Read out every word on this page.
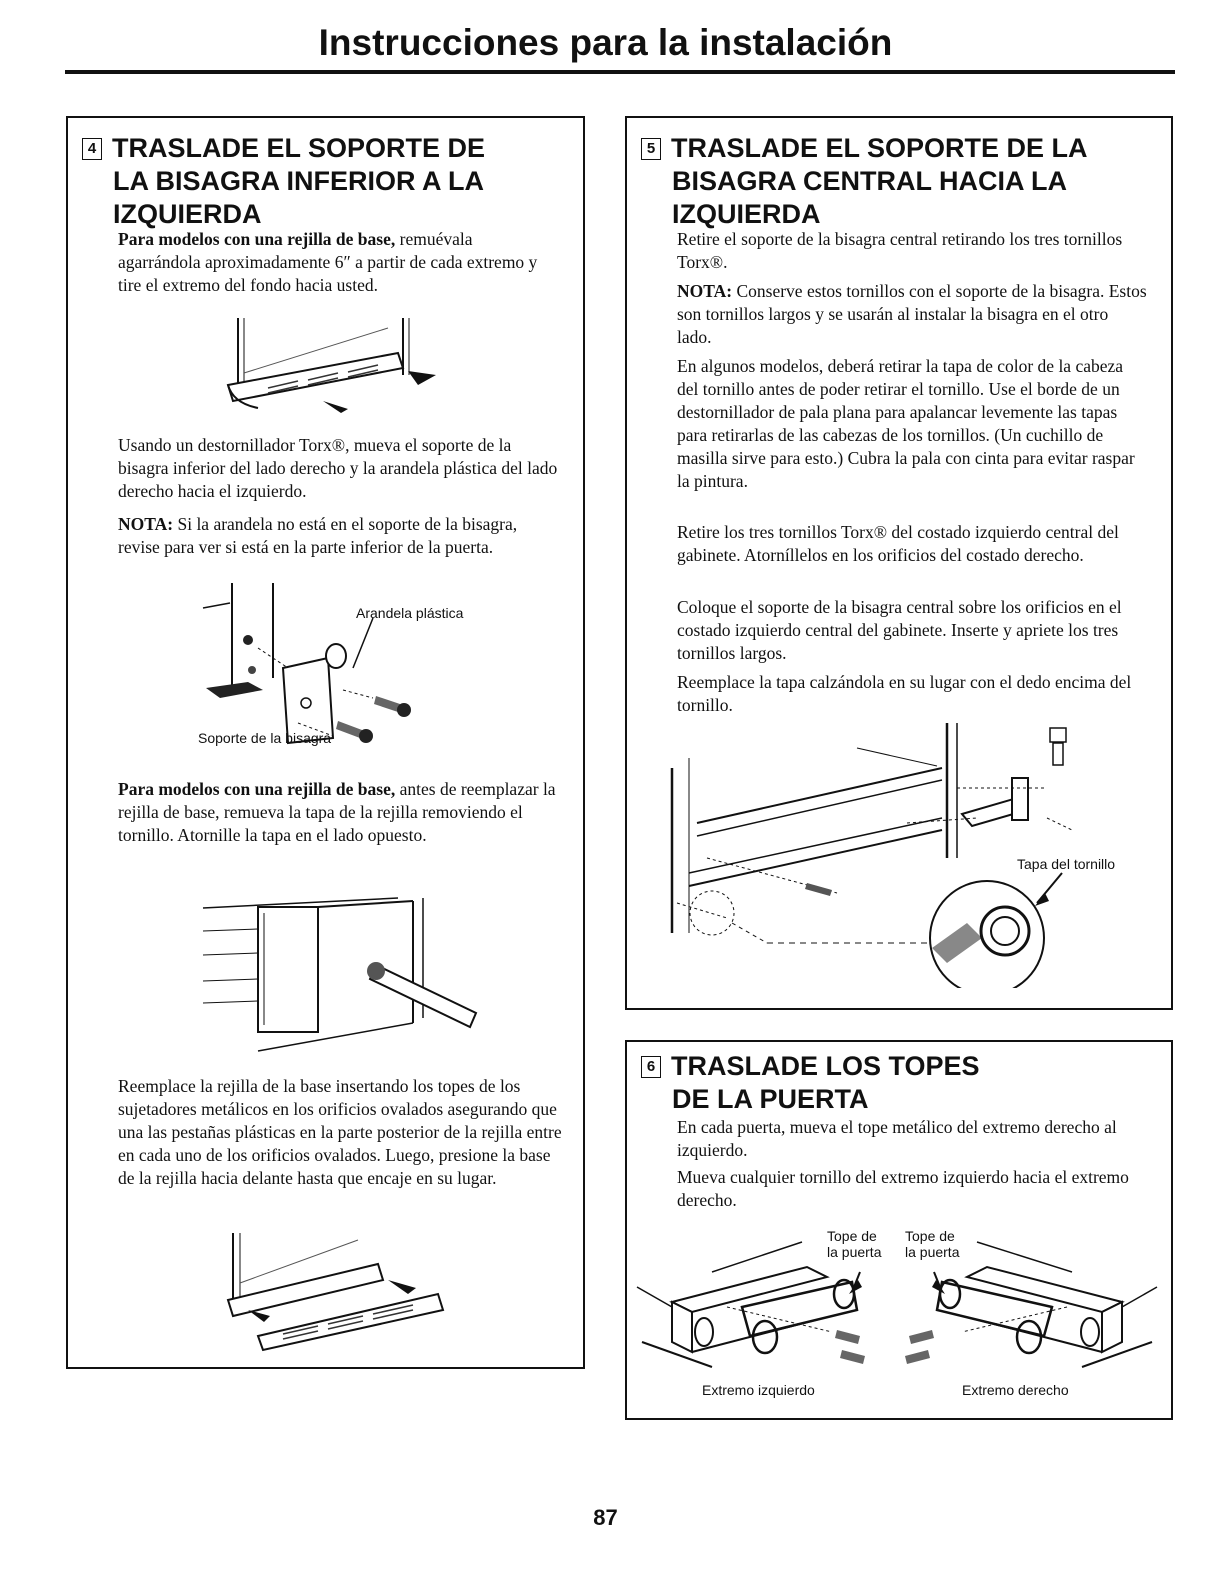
Instrucciones para la instalación
4 TRASLADE EL SOPORTE DE
LA BISAGRA INFERIOR A LA
IZQUIERDA

Para modelos con una rejilla de base, remuévala agarrándola aproximadamente 6″ a partir de cada extremo y tire el extremo del fondo hacia usted.

Usando un destornillador Torx®, mueva el soporte de la bisagra inferior del lado derecho y la arandela plástica del lado derecho hacia el izquierdo.

NOTA: Si la arandela no está en el soporte de la bisagra, revise para ver si está en la parte inferior de la puerta.

Arandela plástica
Soporte de la bisagra

Para modelos con una rejilla de base, antes de reemplazar la rejilla de base, remueva la tapa de la rejilla removiendo el tornillo. Atornille la tapa en el lado opuesto.

Reemplace la rejilla de la base insertando los topes de los sujetadores metálicos en los orificios ovalados asegurando que una las pestañas plásticas en la parte posterior de la rejilla entre en cada uno de los orificios ovalados. Luego, presione la base de la rejilla hacia delante hasta que encaje en su lugar.

5 TRASLADE EL SOPORTE DE LA
BISAGRA CENTRAL HACIA LA
IZQUIERDA

Retire el soporte de la bisagra central retirando los tres tornillos Torx®.

NOTA: Conserve estos tornillos con el soporte de la bisagra. Estos son tornillos largos y se usarán al instalar la bisagra en el otro lado.

En algunos modelos, deberá retirar la tapa de color de la cabeza del tornillo antes de poder retirar el tornillo. Use el borde de un destornillador de pala plana para apalancar levemente las tapas para retirarlas de las cabezas de los tornillos. (Un cuchillo de masilla sirve para esto.) Cubra la pala con cinta para evitar raspar la pintura.

Retire los tres tornillos Torx® del costado izquierdo central del gabinete. Atorníllelos en los orificios del costado derecho.

Coloque el soporte de la bisagra central sobre los orificios en el costado izquierdo central del gabinete. Inserte y apriete los tres tornillos largos.

Reemplace la tapa calzándola en su lugar con el dedo encima del tornillo.

Tapa del tornillo
6 TRASLADE LOS TOPES
DE LA PUERTA

En cada puerta, mueva el tope metálico del extremo derecho al izquierdo.

Mueva cualquier tornillo del extremo izquierdo hacia el extremo derecho.

Tope de
la puerta
Tope de
la puerta
Extremo izquierdo	Extremo derecho
87
